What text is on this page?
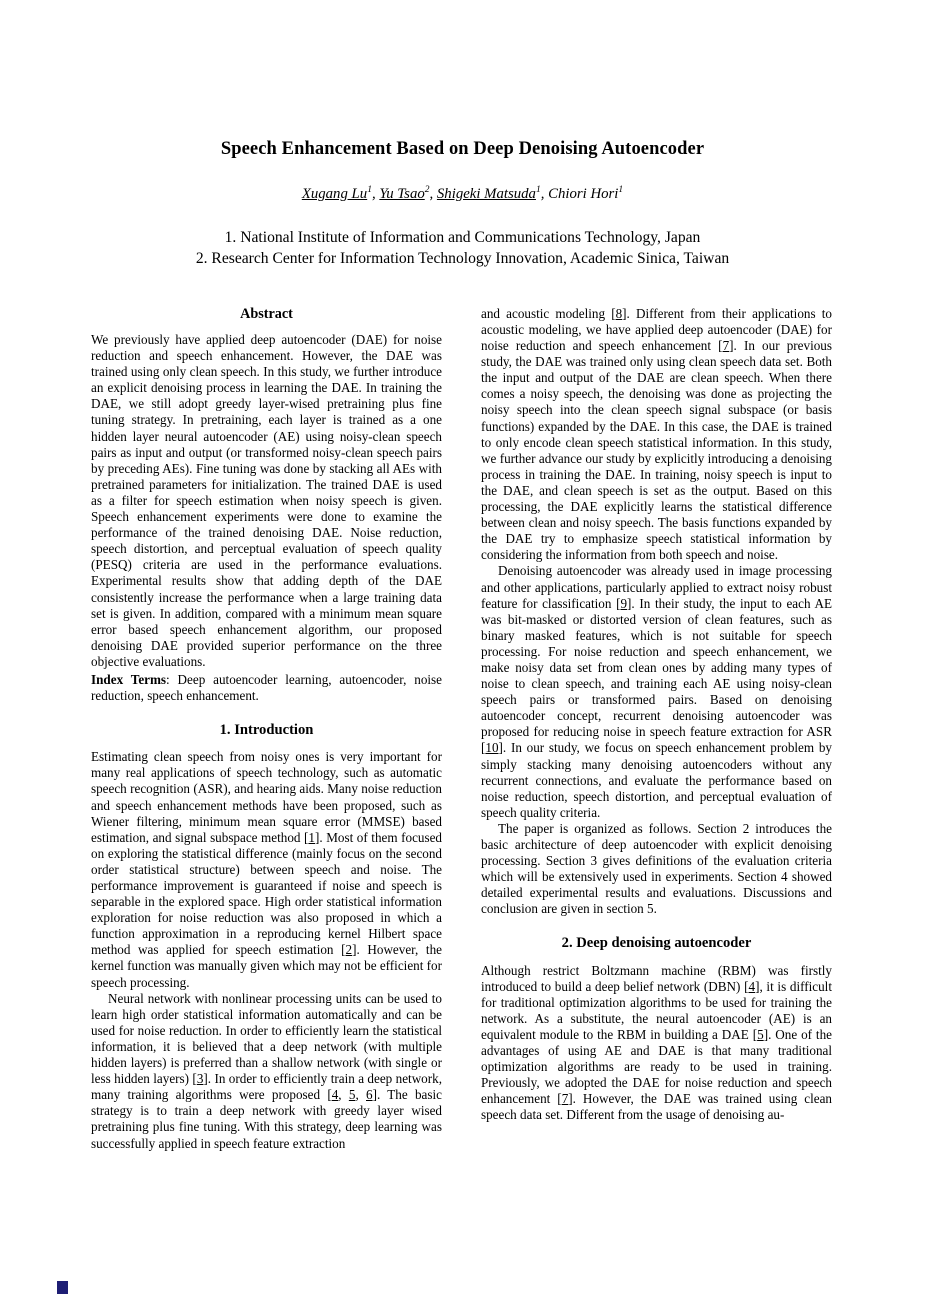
Speech Enhancement Based on Deep Denoising Autoencoder
Xugang Lu$^1$, Yu Tsao$^2$, Shigeki Matsuda$^1$, Chiori Hori$^1$
1. National Institute of Information and Communications Technology, Japan
2. Research Center for Information Technology Innovation, Academic Sinica, Taiwan
Abstract

We previously have applied deep autoencoder (DAE) for noise reduction and speech enhancement. However, the DAE was trained using only clean speech. In this study, we further introduce an explicit denoising process in learning the DAE. In training the DAE, we still adopt greedy layer-wised pretraining plus fine tuning strategy. In pretraining, each layer is trained as a one hidden layer neural autoencoder (AE) using noisy-clean speech pairs as input and output (or transformed noisy-clean speech pairs by preceding AEs). Fine tuning was done by stacking all AEs with pretrained parameters for initialization. The trained DAE is used as a filter for speech estimation when noisy speech is given. Speech enhancement experiments were done to examine the performance of the trained denoising DAE. Noise reduction, speech distortion, and perceptual evaluation of speech quality (PESQ) criteria are used in the performance evaluations. Experimental results show that adding depth of the DAE consistently increase the performance when a large training data set is given. In addition, compared with a minimum mean square error based speech enhancement algorithm, our proposed denoising DAE provided superior performance on the three objective evaluations.

Index Terms: Deep autoencoder learning, autoencoder, noise reduction, speech enhancement.

1. Introduction

Estimating clean speech from noisy ones is very important for many real applications of speech technology, such as automatic speech recognition (ASR), and hearing aids. Many noise reduction and speech enhancement methods have been proposed, such as Wiener filtering, minimum mean square error (MMSE) based estimation, and signal subspace method [1]. Most of them focused on exploring the statistical difference (mainly focus on the second order statistical structure) between speech and noise. The performance improvement is guaranteed if noise and speech is separable in the explored space. High order statistical information exploration for noise reduction was also proposed in which a function approximation in a reproducing kernel Hilbert space method was applied for speech estimation [2]. However, the kernel function was manually given which may not be efficient for speech processing.

Neural network with nonlinear processing units can be used to learn high order statistical information automatically and can be used for noise reduction. In order to efficiently learn the statistical information, it is believed that a deep network (with multiple hidden layers) is preferred than a shallow network (with single or less hidden layers) [3]. In order to efficiently train a deep network, many training algorithms were proposed [4, 5, 6]. The basic strategy is to train a deep network with greedy layer wised pretraining plus fine tuning. With this strategy, deep learning was successfully applied in speech feature extraction

and acoustic modeling [8]. Different from their applications to acoustic modeling, we have applied deep autoencoder (DAE) for noise reduction and speech enhancement [7]. In our previous study, the DAE was trained only using clean speech data set. Both the input and output of the DAE are clean speech. When there comes a noisy speech, the denoising was done as projecting the noisy speech into the clean speech signal subspace (or basis functions) expanded by the DAE. In this case, the DAE is trained to only encode clean speech statistical information. In this study, we further advance our study by explicitly introducing a denoising process in training the DAE. In training, noisy speech is input to the DAE, and clean speech is set as the output. Based on this processing, the DAE explicitly learns the statistical difference between clean and noisy speech. The basis functions expanded by the DAE try to emphasize speech statistical information by considering the information from both speech and noise.

Denoising autoencoder was already used in image processing and other applications, particularly applied to extract noisy robust feature for classification [9]. In their study, the input to each AE was bit-masked or distorted version of clean features, such as binary masked features, which is not suitable for speech processing. For noise reduction and speech enhancement, we make noisy data set from clean ones by adding many types of noise to clean speech, and training each AE using noisy-clean speech pairs or transformed pairs. Based on denoising autoencoder concept, recurrent denoising autoencoder was proposed for reducing noise in speech feature extraction for ASR [10]. In our study, we focus on speech enhancement problem by simply stacking many denoising autoencoders without any recurrent connections, and evaluate the performance based on noise reduction, speech distortion, and perceptual evaluation of speech quality criteria.

The paper is organized as follows. Section 2 introduces the basic architecture of deep autoencoder with explicit denoising processing. Section 3 gives definitions of the evaluation criteria which will be extensively used in experiments. Section 4 showed detailed experimental results and evaluations. Discussions and conclusion are given in section 5.

2. Deep denoising autoencoder

Although restrict Boltzmann machine (RBM) was firstly introduced to build a deep belief network (DBN) [4], it is difficult for traditional optimization algorithms to be used for training the network. As a substitute, the neural autoencoder (AE) is an equivalent module to the RBM in building a DAE [5]. One of the advantages of using AE and DAE is that many traditional optimization algorithms are ready to be used in training. Previously, we adopted the DAE for noise reduction and speech enhancement [7]. However, the DAE was trained using clean speech data set. Different from the usage of denoising au-
